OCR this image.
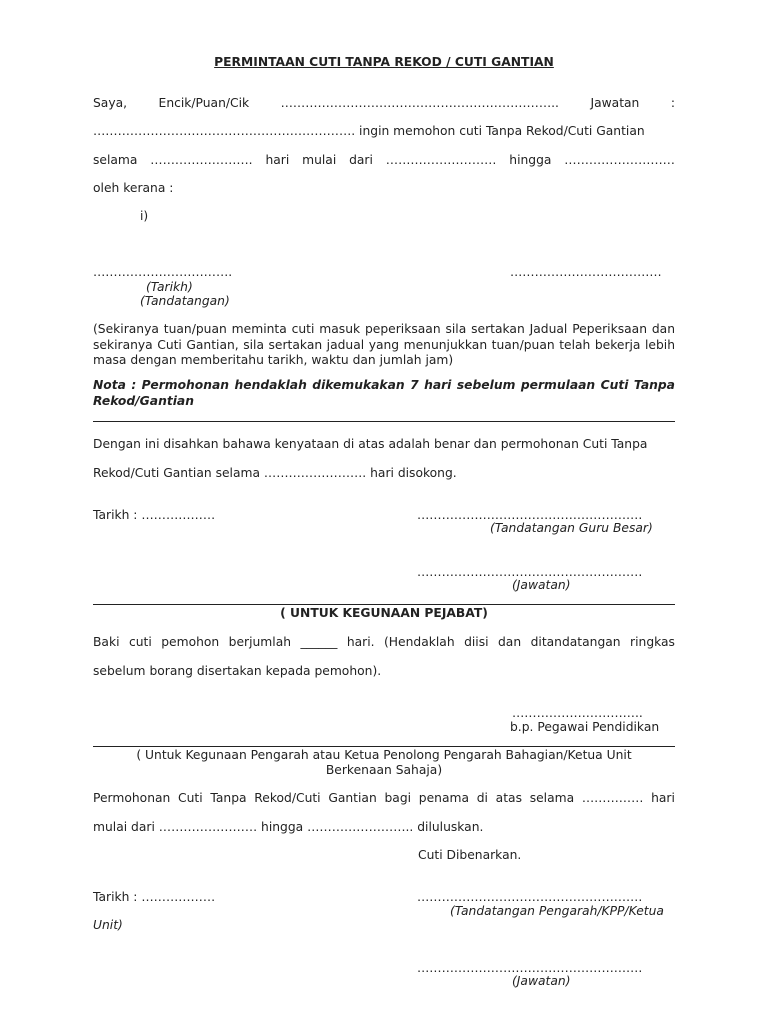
PERMINTAAN CUTI TANPA REKOD / CUTI GANTIAN
Saya,	Encik/Puan/Cik	…………………………………………………………..	Jawatan	:
………………………………………………………. ingin memohon cuti Tanpa Rekod/Cuti Gantian
selama ……………………. hari mulai dari ……………………… hingga ………………………
oleh kerana :
i)
…………………………….	……………………………….
(Tarikh)
(Tandatangan)
(Sekiranya tuan/puan meminta cuti masuk peperiksaan sila sertakan Jadual Peperiksaan dan sekiranya Cuti Gantian, sila sertakan jadual yang menunjukkan tuan/puan telah bekerja lebih masa dengan memberitahu tarikh, waktu dan jumlah jam)
Nota : Permohonan hendaklah dikemukakan 7 hari sebelum permulaan Cuti Tanpa Rekod/Gantian
Dengan ini disahkan bahawa kenyataan di atas adalah benar dan permohonan Cuti Tanpa
Rekod/Cuti Gantian selama ……………………. hari disokong.
Tarikh : ………………	……………………………………………….
(Tandatangan Guru Besar)
……………………………………………….
(Jawatan)
( UNTUK KEGUNAAN PEJABAT)
Baki cuti pemohon berjumlah ______ hari. (Hendaklah diisi dan ditandatangan ringkas
sebelum borang disertakan kepada pemohon).
…………………………..
b.p. Pegawai Pendidikan
( Untuk Kegunaan Pengarah atau Ketua Penolong Pengarah Bahagian/Ketua Unit
Berkenaan Sahaja)
Permohonan Cuti Tanpa Rekod/Cuti Gantian bagi penama di atas selama …………… hari
mulai dari …………………… hingga …………………….. diluluskan.
Cuti Dibenarkan.
Tarikh : ………………	……………………………………………….
(Tandatangan Pengarah/KPP/Ketua
Unit)
……………………………………………….
(Jawatan)
